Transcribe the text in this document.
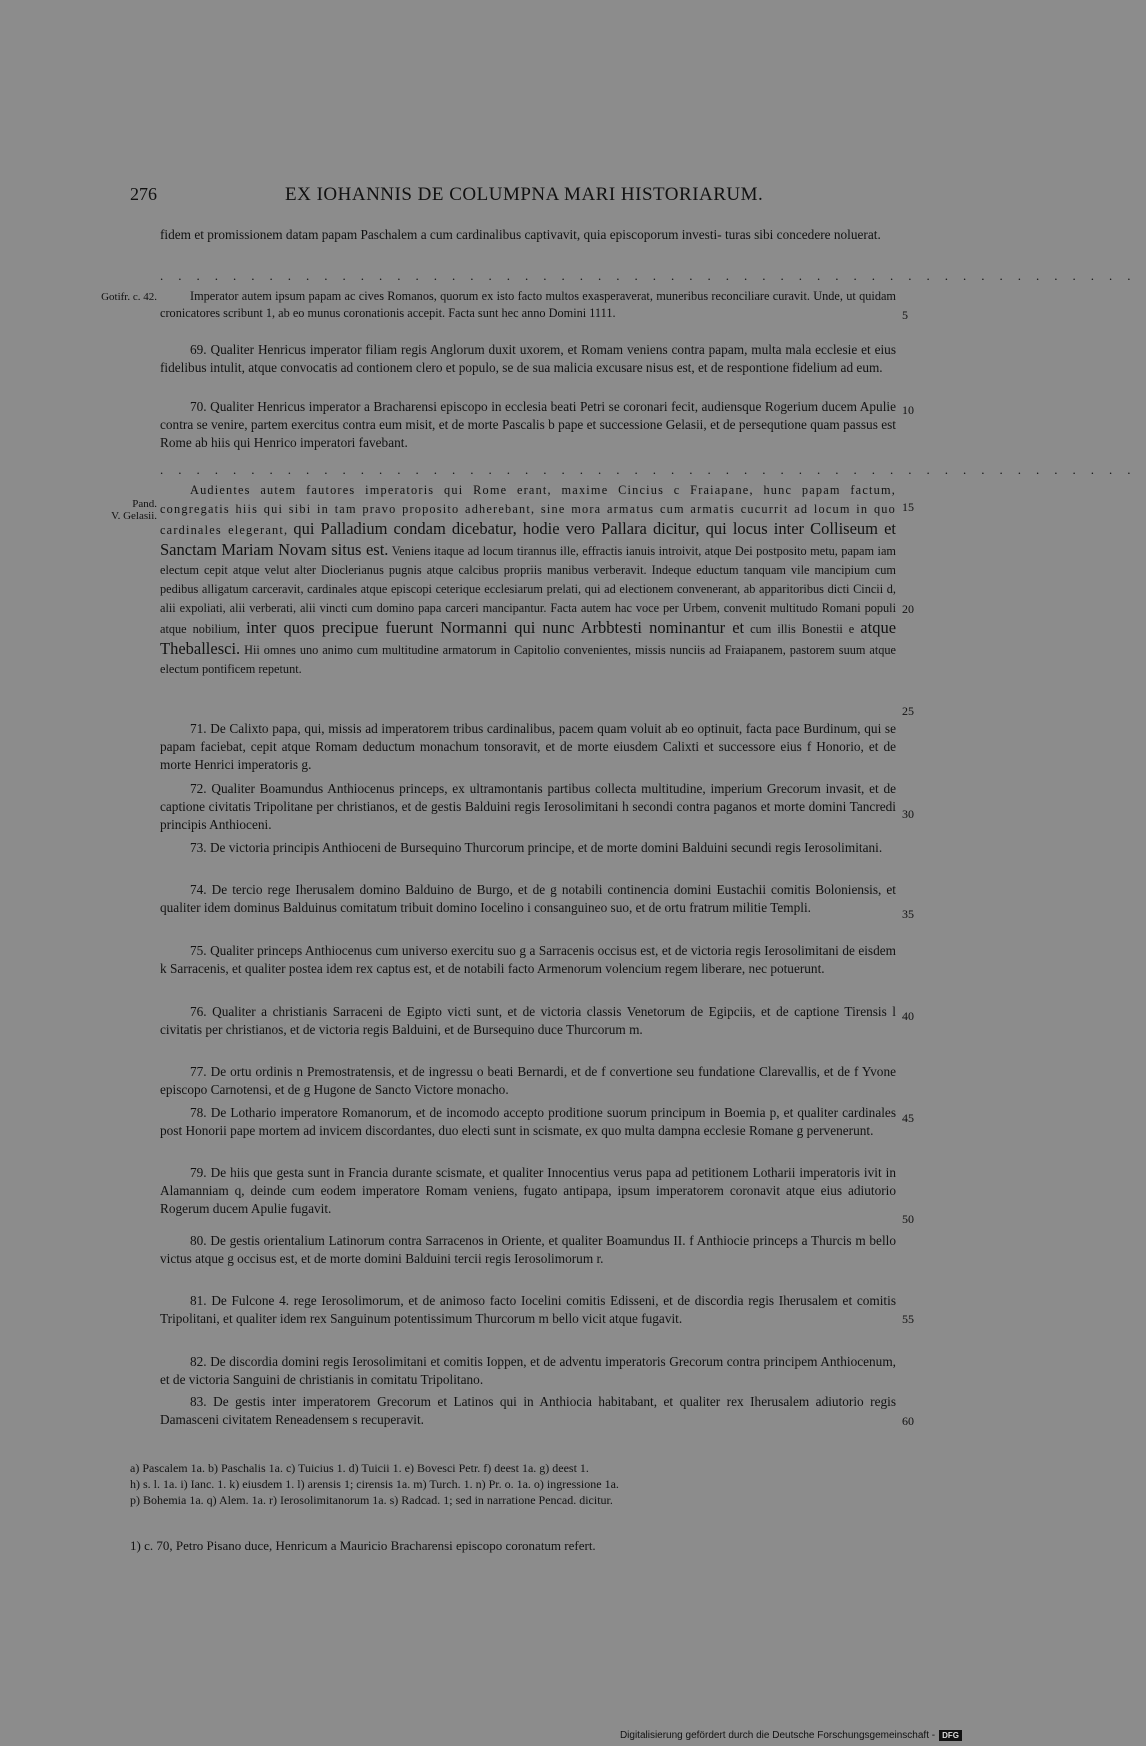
276	EX IOHANNIS DE COLUMPNA MARI HISTORIARUM.

fidem et promissionem datam papam Paschalem a cum cardinalibus captivavit, quia episcoporum investi- turas sibi concedere noluerat.

......................................................
Gotifr. c. 42.	Imperator autem ipsum papam ac cives Romanos, quorum ex isto facto multos exasperaverat, muneribus reconciliare curavit. Unde, ut quidam cronicatores scribunt 1, ab eo munus coronationis accepit. Facta sunt hec anno Domini 1111.

69. Qualiter Henricus imperator filiam regis Anglorum duxit uxorem, et Romam veniens contra papam, multa mala ecclesie et eius fidelibus intulit, atque convocatis ad contionem clero et populo, se de sua malicia excusare nisus est, et de respontione fidelium ad eum.

70. Qualiter Henricus imperator a Bracharensi episcopo in ecclesia beati Petri se coronari fecit, audiensque Rogerium ducem Apulie contra se venire, partem exercitus contra eum misit, et de morte Pascalis b pape et successione Gelasii, et de persequtione quam passus est Rome ab hiis qui Henrico imperatori favebant.

......................................................
Pand.
V. Gelasii.

Audientes autem fautores imperatoris qui Rome erant, maxime Cincius c Fraiapane, hunc papam factum, congregatis hiis qui sibi in tam pravo proposito adherebant, sine mora armatus cum armatis cucurrit ad locum in quo cardinales elegerant, qui Palladium condam dicebatur, hodie vero Pallara dicitur, qui locus inter Colliseum et Sanctam Mariam Novam situs est. Veniens itaque ad locum tirannus ille, effractis ianuis introivit, atque Dei postposito metu, papam iam electum cepit atque velut alter Dioclerianus pugnis atque calcibus propriis manibus verberavit. Indeque eductum tanquam vile mancipium cum pedibus alligatum carceravit, cardinales atque episcopi ceterique ecclesiarum prelati, qui ad electionem convenerant, ab apparitoribus dicti Cincii d, alii expoliati, alii verberati, alii vincti cum domino papa carceri mancipantur. Facta autem hac voce per Urbem, convenit multitudo Romani populi atque nobilium, inter quos precipue fuerunt Normanni qui nunc Arbbtesti nominantur et cum illis Bonestii e atque Theballesci. Hii omnes uno animo cum multitudine armatorum in Capitolio convenientes, missis nunciis ad Fraiapanem, pastorem suum atque electum pontificem repetunt.

71. De Calixto papa, qui, missis ad imperatorem tribus cardinalibus, pacem quam voluit ab eo optinuit, facta pace Burdinum, qui se papam faciebat, cepit atque Romam deductum monachum tonsoravit, et de morte eiusdem Calixti et successore eius f Honorio, et de morte Henrici imperatoris g.

72. Qualiter Boamundus Anthiocenus princeps, ex ultramontanis partibus collecta multitudine, imperium Grecorum invasit, et de captione civitatis Tripolitane per christianos, et de gestis Balduini regis Ierosolimitani h secondi contra paganos et morte domini Tancredi principis Anthioceni.

73. De victoria principis Anthioceni de Bursequino Thurcorum principe, et de morte domini Balduini secundi regis Ierosolimitani.

74. De tercio rege Iherusalem domino Balduino de Burgo, et de g notabili continencia domini Eustachii comitis Boloniensis, et qualiter idem dominus Balduinus comitatum tribuit domino Iocelino i consanguineo suo, et de ortu fratrum militie Templi.

75. Qualiter princeps Anthiocenus cum universo exercitu suo g a Sarracenis occisus est, et de victoria regis Ierosolimitani de eisdem k Sarracenis, et qualiter postea idem rex captus est, et de notabili facto Armenorum volencium regem liberare, nec potuerunt.

76. Qualiter a christianis Sarraceni de Egipto victi sunt, et de victoria classis Venetorum de Egipciis, et de captione Tirensis l civitatis per christianos, et de victoria regis Balduini, et de Bursequino duce Thurcorum m.

77. De ortu ordinis n Premostratensis, et de ingressu o beati Bernardi, et de f convertione seu fundatione Clarevallis, et de f Yvone episcopo Carnotensi, et de g Hugone de Sancto Victore monacho.

78. De Lothario imperatore Romanorum, et de incomodo accepto proditione suorum principum in Boemia p, et qualiter cardinales post Honorii pape mortem ad invicem discordantes, duo electi sunt in scismate, ex quo multa dampna ecclesie Romane g pervenerunt.

79. De hiis que gesta sunt in Francia durante scismate, et qualiter Innocentius verus papa ad petitionem Lotharii imperatoris ivit in Alamanniam q, deinde cum eodem imperatore Romam veniens, fugato antipapa, ipsum imperatorem coronavit atque eius adiutorio Rogerum ducem Apulie fugavit.

80. De gestis orientalium Latinorum contra Sarracenos in Oriente, et qualiter Boamundus II. f Anthiocie princeps a Thurcis m bello victus atque g occisus est, et de morte domini Balduini tercii regis Ierosolimorum r.

81. De Fulcone 4. rege Ierosolimorum, et de animoso facto Iocelini comitis Edisseni, et de discordia regis Iherusalem et comitis Tripolitani, et qualiter idem rex Sanguinum potentissimum Thurcorum m bello vicit atque fugavit.

82. De discordia domini regis Ierosolimitani et comitis Ioppen, et de adventu imperatoris Grecorum contra principem Anthiocenum, et de victoria Sanguini de christianis in comitatu Tripolitano.

83. De gestis inter imperatorem Grecorum et Latinos qui in Anthiocia habitabant, et qualiter rex Iherusalem adiutorio regis Damasceni civitatem Reneadensem s recuperavit.

5
10
15
20
25
30
35
40
45
50
55
60

a) Pascalem 1a. b) Paschalis 1a. c) Tuicius 1. d) Tuicii 1. e) Bovesci Petr. f) deest 1a. g) deest 1.

h) s. l. 1a. i) Ianc. 1. k) eiusdem 1. l) arensis 1; cirensis 1a. m) Turch. 1. n) Pr. o. 1a. o) ingressione 1a.

p) Bohemia 1a. q) Alem. 1a. r) Ierosolimitanorum 1a. s) Radcad. 1; sed in narratione Pencad. dicitur.

1) c. 70, Petro Pisano duce, Henricum a Mauricio Bracharensi episcopo coronatum refert.
Digitalisierung gefördert durch die Deutsche Forschungsgemeinschaft - DFG
